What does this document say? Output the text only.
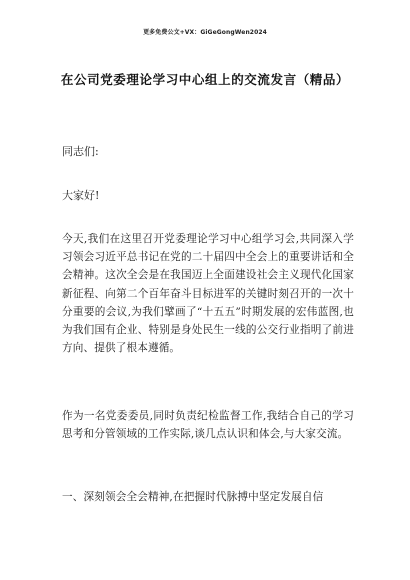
更多免费公文+VX：GiGeGongWen2024
在公司党委理论学习中心组上的交流发言（精品）
同志们:
大家好!
今天,我们在这里召开党委理论学习中心组学习会,共同深入学习领会习近平总书记在党的二十届四中全会上的重要讲话和全会精神。这次全会是在我国迈上全面建设社会主义现代化国家新征程、向第二个百年奋斗目标进军的关键时刻召开的一次十分重要的会议,为我们擘画了“十五五”时期发展的宏伟蓝图,也为我们国有企业、特别是身处民生一线的公交行业指明了前进方向、提供了根本遵循。
作为一名党委委员,同时负责纪检监督工作,我结合自己的学习思考和分管领域的工作实际,谈几点认识和体会,与大家交流。
一、深刻领会全会精神,在把握时代脉搏中坚定发展自信
